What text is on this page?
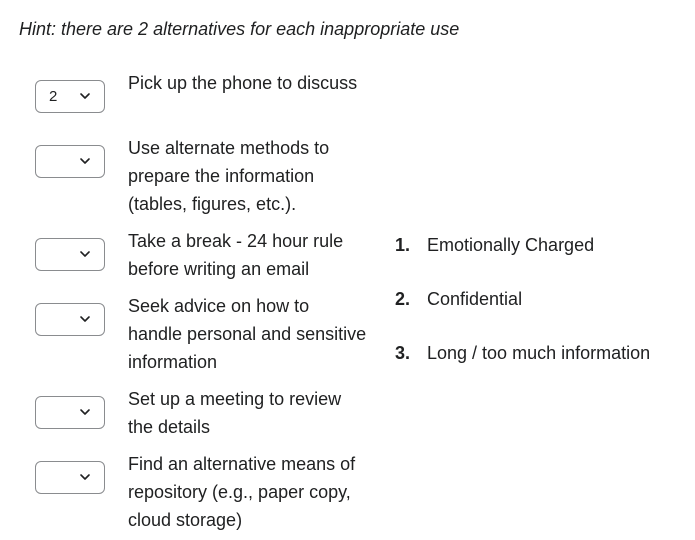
Hint: there are 2 alternatives for each inappropriate use
2
Pick up the phone to discuss
Use alternate methods to prepare the information (tables, figures, etc.).
Take a break - 24 hour rule before writing an email
Seek advice on how to handle personal and sensitive information
Set up a meeting to review the details
Find an alternative means of repository (e.g., paper copy, cloud storage)
1. Emotionally Charged
2. Confidential
3. Long / too much information
